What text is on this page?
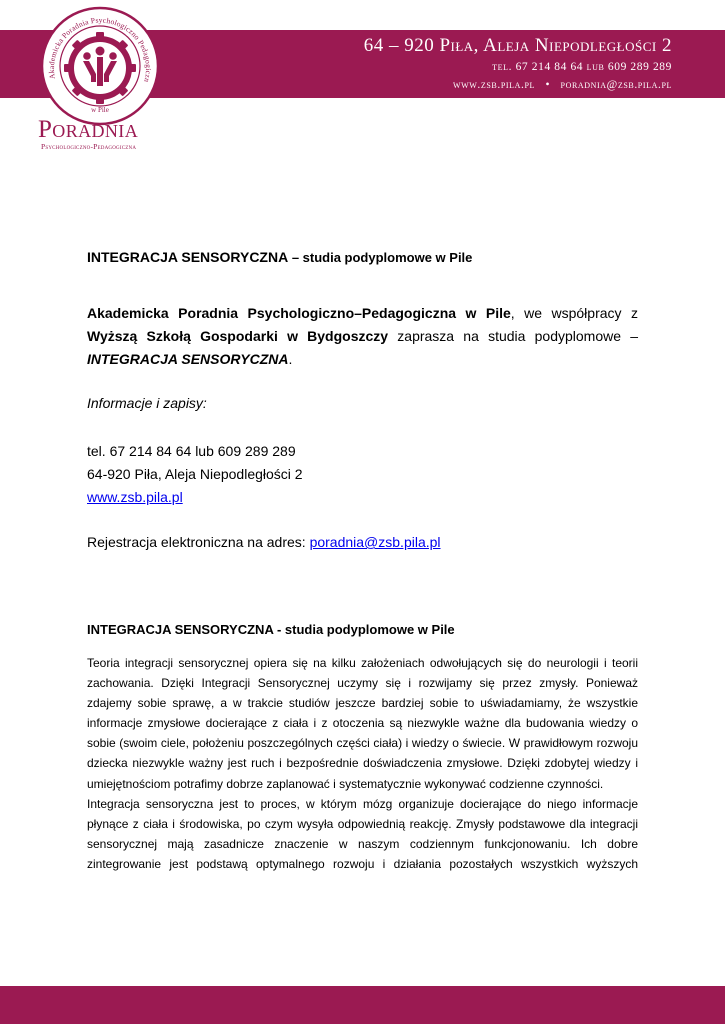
64 – 920 Piła, Aleja Niepodległości 2
tel. 67 214 84 64 lub 609 289 289
www.zsb.pila.pl • poradnia@zsb.pila.pl
Akademicka Poradnia Psychologiczno Pedagogiczn
w Pile
Poradnia
Psychologiczno-Pedagogiczna
INTEGRACJA SENSORYCZNA – studia podyplomowe w Pile
Akademicka Poradnia Psychologiczno–Pedagogiczna w Pile, we współpracy z Wyższą Szkołą Gospodarki w Bydgoszczy zaprasza na studia podyplomowe – INTEGRACJA SENSORYCZNA.
Informacje i zapisy:
tel. 67 214 84 64 lub 609 289 289
64-920 Piła, Aleja Niepodległości 2
www.zsb.pila.pl
Rejestracja elektroniczna na adres: poradnia@zsb.pila.pl
INTEGRACJA SENSORYCZNA - studia podyplomowe w Pile

Teoria integracji sensorycznej opiera się na kilku założeniach odwołujących się do neurologii i teorii zachowania. Dzięki Integracji Sensorycznej uczymy się i rozwijamy się przez zmysły. Ponieważ zdajemy sobie sprawę, a w trakcie studiów jeszcze bardziej sobie to uświadamiamy, że wszystkie informacje zmysłowe docierające z ciała i z otoczenia są niezwykle ważne dla budowania wiedzy o sobie (swoim ciele, położeniu poszczególnych części ciała) i wiedzy o świecie. W prawidłowym rozwoju dziecka niezwykle ważny jest ruch i bezpośrednie doświadczenia zmysłowe. Dzięki zdobytej wiedzy i umiejętnościom potrafimy dobrze zaplanować i systematycznie wykonywać codzienne czynności.

Integracja sensoryczna jest to proces, w którym mózg organizuje docierające do niego informacje płynące z ciała i środowiska, po czym wysyła odpowiednią reakcję. Zmysły podstawowe dla integracji sensorycznej mają zasadnicze znaczenie w naszym codziennym funkcjonowaniu. Ich dobre zintegrowanie jest podstawą optymalnego rozwoju i działania pozostałych wszystkich wyższych
